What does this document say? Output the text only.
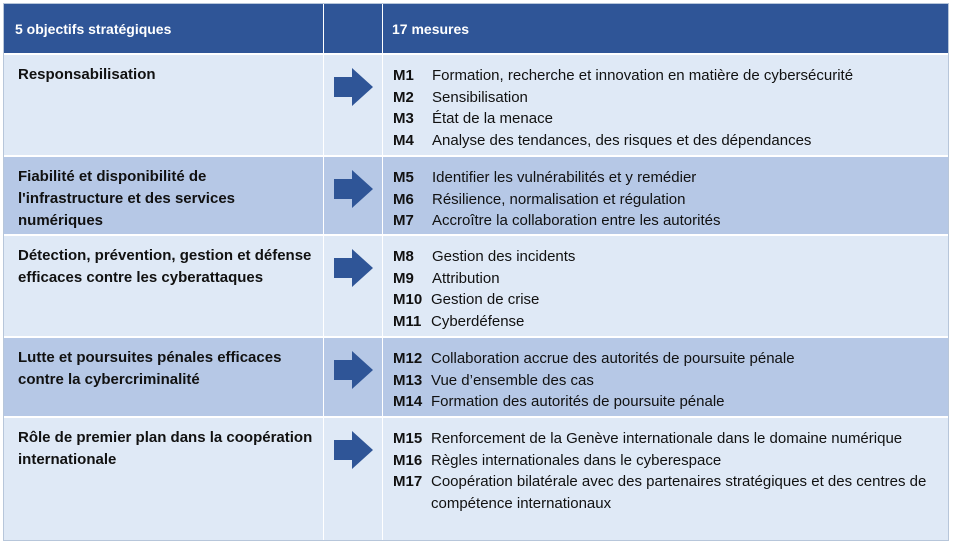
5 objectifs stratégiques	17 mesures
Responsabilisation	M1	Formation, recherche et innovation en matière de cybersécurité
M2	Sensibilisation
M3	État de la menace
M4	Analyse des tendances, des risques et des dépendances
Fiabilité et disponibilité de l'infrastructure et des services numériques
M5	Identifier les vulnérabilités et y remédier
M6	Résilience, normalisation et régulation
M7	Accroître la collaboration entre les autorités
Détection, prévention, gestion et défense efficaces contre les cyberattaques
M8	Gestion des incidents
M9	Attribution
M10 Gestion de crise
M11 Cyberdéfense
Lutte et poursuites pénales efficaces contre la cybercriminalité
M12 Collaboration accrue des autorités de poursuite pénale
M13 Vue d’ensemble des cas
M14 Formation des autorités de poursuite pénale
Rôle de premier plan dans la coopération internationale
M15 Renforcement de la Genève internationale dans le domaine numérique
M16 Règles internationales dans le cyberespace
M17 Coopération bilatérale avec des partenaires stratégiques et des centres de compétence internationaux
